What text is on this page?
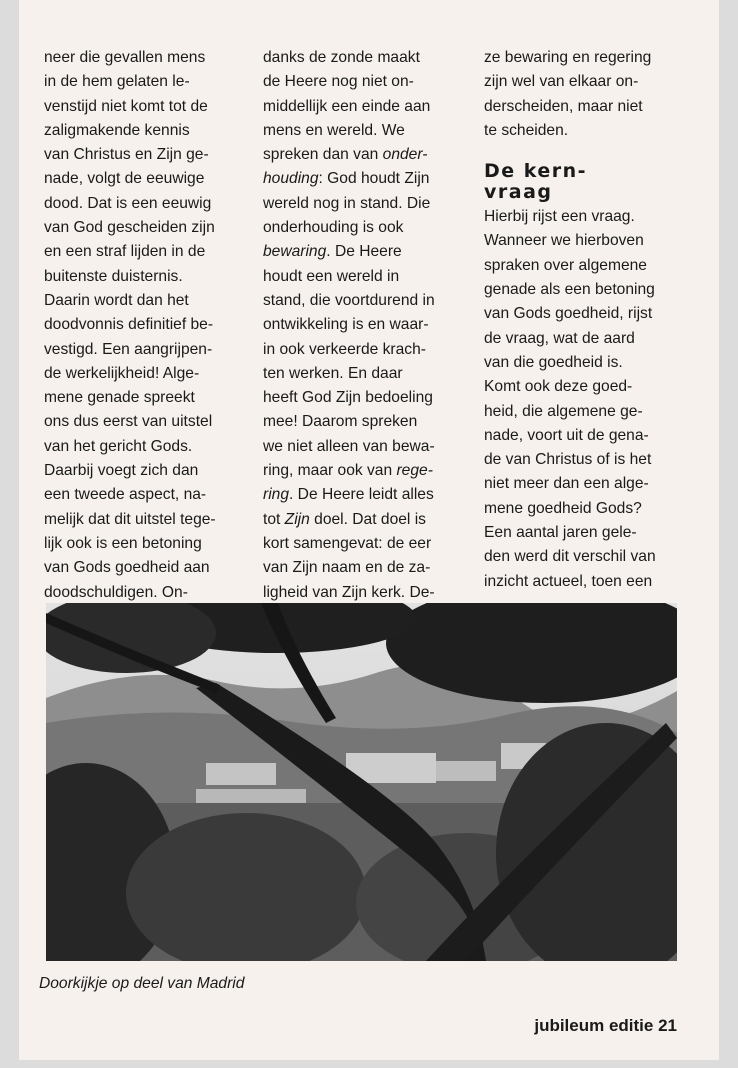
neer die gevallen mens
in de hem gelaten le-
venstijd niet komt tot de
zaligmakende kennis
van Christus en Zijn ge-
nade, volgt de eeuwige
dood. Dat is een eeuwig
van God gescheiden zijn
en een straf lijden in de
buitenste duisternis.
Daarin wordt dan het
doodvonnis definitief be-
vestigd. Een aangrijpen-
de werkelijkheid! Alge-
mene genade spreekt
ons dus eerst van uitstel
van het gericht Gods.
Daarbij voegt zich dan
een tweede aspect, na-
melijk dat dit uitstel tege-
lijk ook is een betoning
van Gods goedheid aan
doodschuldigen. On-
danks de zonde maakt
de Heere nog niet on-
middellijk een einde aan
mens en wereld. We
spreken dan van onder-
houding: God houdt Zijn
wereld nog in stand. Die
onderhouding is ook
bewaring. De Heere
houdt een wereld in
stand, die voortdurend in
ontwikkeling is en waar-
in ook verkeerde krach-
ten werken. En daar
heeft God Zijn bedoeling
mee! Daarom spreken
we niet alleen van bewa-
ring, maar ook van rege-
ring. De Heere leidt alles
tot Zijn doel. Dat doel is
kort samengevat: de eer
van Zijn naam en de za-
ligheid van Zijn kerk. De-
ze bewaring en regering
zijn wel van elkaar on-
derscheiden, maar niet
te scheiden.
De kern-
vraag
Hierbij rijst een vraag.
Wanneer we hierboven
spraken over algemene
genade als een betoning
van Gods goedheid, rijst
de vraag, wat de aard
van die goedheid is.
Komt ook deze goed-
heid, die algemene ge-
nade, voort uit de gena-
de van Christus of is het
niet meer dan een alge-
mene goedheid Gods?
Een aantal jaren gele-
den werd dit verschil van
inzicht actueel, toen een
Doorkijkje op deel van Madrid
jubileum editie 21
